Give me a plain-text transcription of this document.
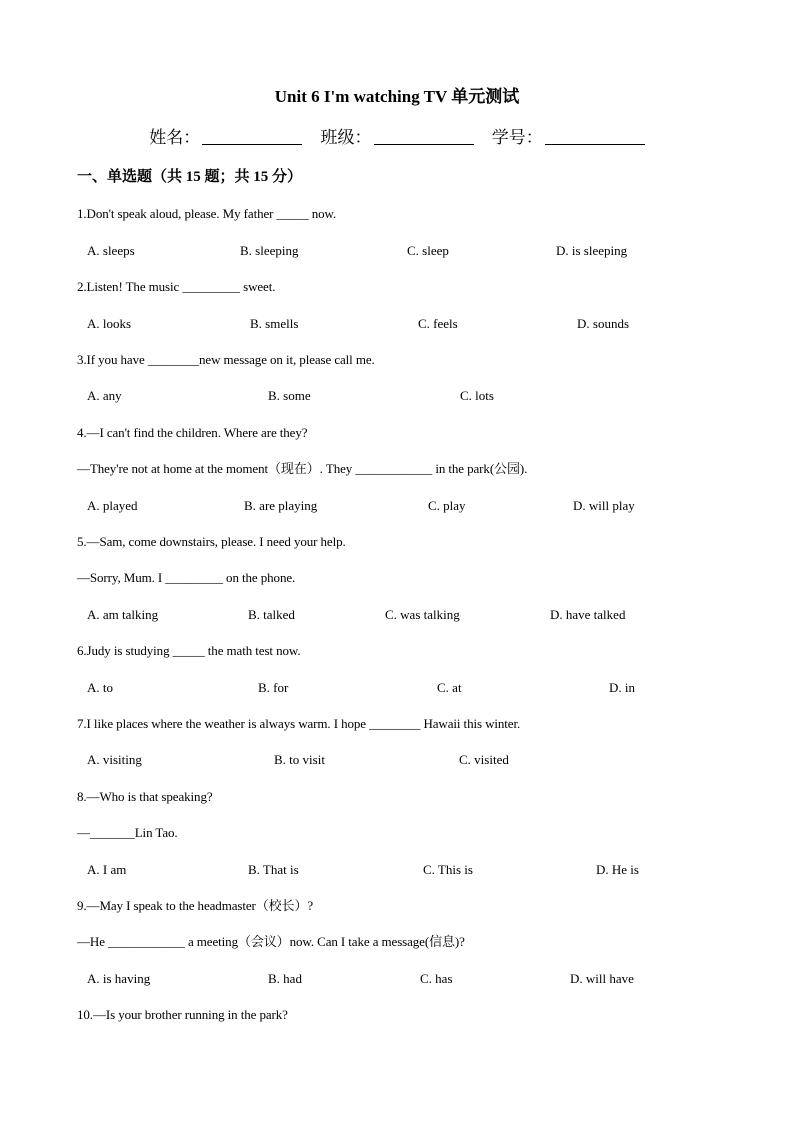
Unit 6 I'm watching TV 单元测试
姓名：	班级：	学号：
一、单选题（共 15 题；共 15 分）
1.Don't speak aloud, please. My father _____ now.
A. sleeps	B. sleeping	C. sleep	D. is sleeping
2.Listen! The music _________ sweet.
A. looks	B. smells	C. feels	D. sounds
3.If you have ________new message on it, please call me.
A. any	B. some	C. lots
4.—I can't find the children. Where are they?
—They're not at home at the moment（现在）. They ____________ in the park(公园).
A. played	B. are playing	C. play	D. will play
5.—Sam, come downstairs, please. I need your help.
—Sorry, Mum. I _________ on the phone.
A. am talking	B. talked	C. was talking	D. have talked
6.Judy is studying _____ the math test now.
A. to	B. for	C. at	D. in
7.I like places where the weather is always warm. I hope ________ Hawaii this winter.
A. visiting	B. to visit	C. visited
8.—Who is that speaking?
—_______Lin Tao.
A. I am	B. That is	C. This is	D. He is
9.—May I speak to the headmaster（校长）?
—He ____________ a meeting（会议）now. Can I take a message(信息)?
A. is having	B. had	C. has	D. will have
10.—Is your brother running in the park?
